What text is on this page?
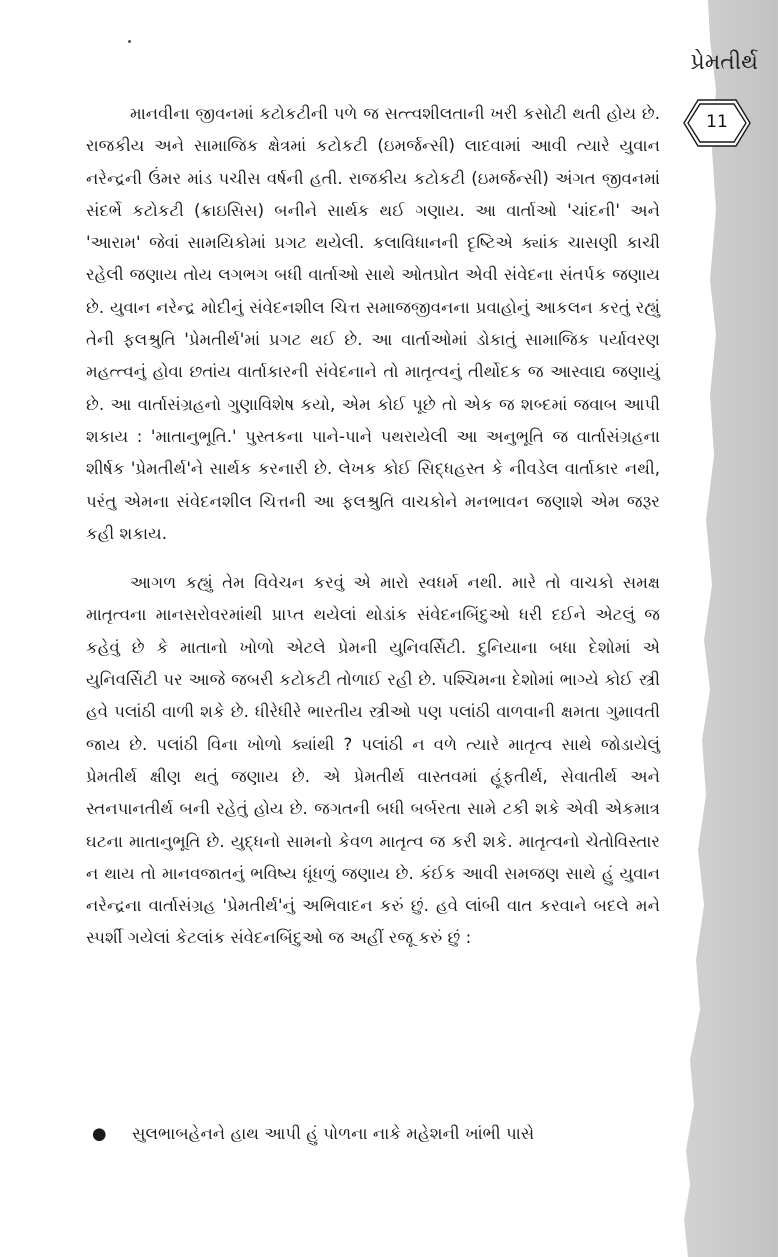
પ્રેમતીર્થ
11

માનવીના જીવનમાં કટોકટીની પળે જ સત્ત્વશીલતાની ખરી કસોટી થતી હોય છે. રાજકીય અને સામાજિક ક્ષેત્રમાં કટોકટી (ઇમર્જન્સી) લાદવામાં આવી ત્યારે યુવાન નરેન્દ્રની ઉંમર માંડ પચીસ વર્ષની હતી. રાજકીય કટોકટી (ઇમર્જન્સી) અંગત જીવનમાં સંદર્ભે કટોકટી (ક્રાઇસિસ) બનીને સાર્થક થઈ ગણાય. આ વાર્તાઓ 'ચાંદની' અને 'આરામ' જેવાં સામયિકોમાં પ્રગટ થયેલી. કલાવિધાનની દૃષ્ટિએ ક્યાંક ચાસણી કાચી રહેલી જણાય તોય લગભગ બધી વાર્તાઓ સાથે ઓતપ્રોત એવી સંવેદના સંતર્પક જણાય છે. યુવાન નરેન્દ્ર મોદીનું સંવેદનશીલ ચિત્ત સમાજજીવનના પ્રવાહોનું આકલન કરતું રહ્યું તેની ફલશ્રુતિ 'પ્રેમતીર્થ'માં પ્રગટ થઈ છે. આ વાર્તાઓમાં ડોકાતું સામાજિક પર્યાવરણ મહત્ત્વનું હોવા છતાંય વાર્તાકારની સંવેદનાને તો માતૃત્વનું તીર્થોદક જ આસ્વાદ્ય જણાયું છે. આ વાર્તાસંગ્રહનો ગુણાવિશેષ કયો, એમ કોઈ પૂછે તો એક જ શબ્દમાં જવાબ આપી શકાય : 'માતાનુભૂતિ.' પુસ્તકના પાને-પાને પથરાયેલી આ અનુભૂતિ જ વાર્તાસંગ્રહના શીર્ષક 'પ્રેમતીર્થ'ને સાર્થક કરનારી છે. લેખક કોઈ સિદ્ધહસ્ત કે નીવડેલ વાર્તાકાર નથી, પરંતુ એમના સંવેદનશીલ ચિત્તની આ ફલશ્રુતિ વાચકોને મનભાવન જણાશે એમ જરૂર કહી શકાય.

આગળ કહ્યું તેમ વિવેચન કરવું એ મારો સ્વધર્મ નથી. મારે તો વાચકો સમક્ષ માતૃત્વના માનસરોવરમાંથી પ્રાપ્ત થયેલાં થોડાંક સંવેદનબિંદુઓ ધરી દઈને એટલું જ કહેવું છે કે માતાનો ખોળો એટલે પ્રેમની યુનિવર્સિટી. દુનિયાના બધા દેશોમાં એ યુનિવર્સિટી પર આજે જબરી કટોકટી તોળાઈ રહી છે. પશ્ચિમના દેશોમાં ભાગ્યે કોઈ સ્ત્રી હવે પલાંઠી વાળી શકે છે. ધીરેધીરે ભારતીય સ્ત્રીઓ પણ પલાંઠી વાળવાની ક્ષમતા ગુમાવતી જાય છે. પલાંઠી વિના ખોળો ક્યાંથી ? પલાંઠી ન વળે ત્યારે માતૃત્વ સાથે જોડાયેલું પ્રેમતીર્થ ક્ષીણ થતું જણાય છે. એ પ્રેમતીર્થ વાસ્તવમાં હૂંફતીર્થ, સેવાતીર્થ અને સ્તનપાનતીર્થ બની રહેતું હોય છે. જગતની બધી બર્બરતા સામે ટકી શકે એવી એકમાત્ર ઘટના માતાનુભૂતિ છે. યુદ્ધનો સામનો કેવળ માતૃત્વ જ કરી શકે. માતૃત્વનો ચેતોવિસ્તાર ન થાય તો માનવજાતનું ભવિષ્ય ધૂંધળું જણાય છે. કંઈક આવી સમજણ સાથે હું યુવાન નરેન્દ્રના વાર્તાસંગ્રહ 'પ્રેમતીર્થ'નું અભિવાદન કરું છું. હવે લાંબી વાત કરવાને બદલે મને સ્પર્શી ગયેલાં કેટલાંક સંવેદનબિંદુઓ જ અહીં રજૂ કરું છું :

● સુલભાબહેનને હાથ આપી હું પોળના નાકે મહેશની ખાંભી પાસે
